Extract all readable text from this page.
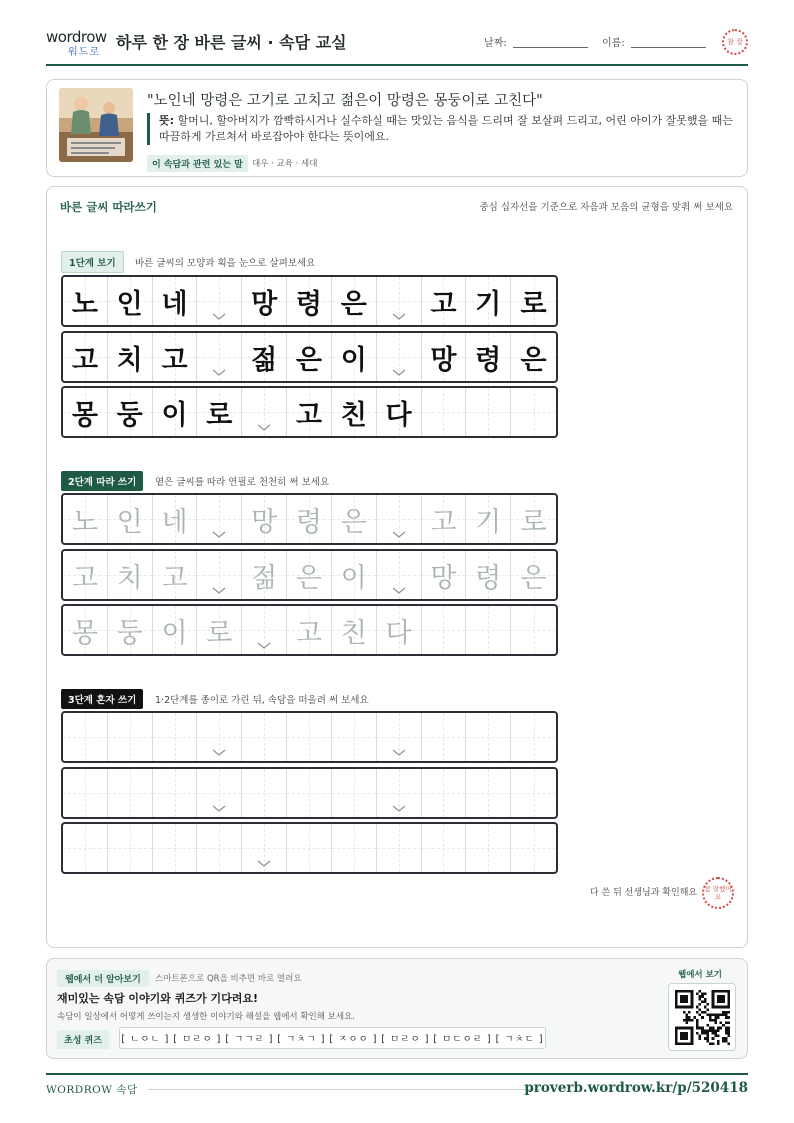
wordrow
워드로
하루 한 장 바른 글씨 · 속담 교실	날짜:	이름:	참 잘
"노인네 망령은 고기로 고치고 젊은이 망령은 몽둥이로 고친다"
뜻: 할머니, 할아버지가 깜빡하시거나 실수하실 때는 맛있는 음식을 드리며 잘 보살펴 드리고, 어린 아이가 잘못했을 때는 따끔하게 가르쳐서 바로잡아야 한다는 뜻이에요.
이 속담과 관련 있는 말	대우 · 교육 · 세대
바른 글씨 따라쓰기	중심 십자선을 기준으로 자음과 모음의 균형을 맞춰 써 보세요
1단계 보기	바른 글씨의 모양과 획을 눈으로 살펴보세요
노 인 네 망 령 은 고 기 로
고 치 고 젊 은 이 망 령 은
몽 둥 이 로 고 친 다
2단계 따라 쓰기	옅은 글씨를 따라 연필로 천천히 써 보세요
노 인 네 망 령 은 고 기 로
고 치 고 젊 은 이 망 령 은
몽 둥 이 로 고 친 다
3단계 혼자 쓰기	1·2단계를 종이로 가린 뒤, 속담을 떠올려 써 보세요
다 쓴 뒤 선생님과 확인해요 참 잘했어요
웹에서 더 알아보기	스마트폰으로 QR을 비추면 바로 열려요
재미있는 속담 이야기와 퀴즈가 기다려요!
속담이 일상에서 어떻게 쓰이는지 생생한 이야기와 해설을 웹에서 확인해 보세요.
초성 퀴즈	[ ㄴㅇㄴ ] [ ㅁㄹㅇ ] [ ㄱㄱㄹ ] [ ㄱㅊㄱ ] [ ㅈㅇㅇ ] [ ㅁㄹㅇ ] [ ㅁㄷㅇㄹ ] [ ㄱㅊㄷ ]
웹에서 보기
WORDROW 속담	proverb.wordrow.kr/p/520418
